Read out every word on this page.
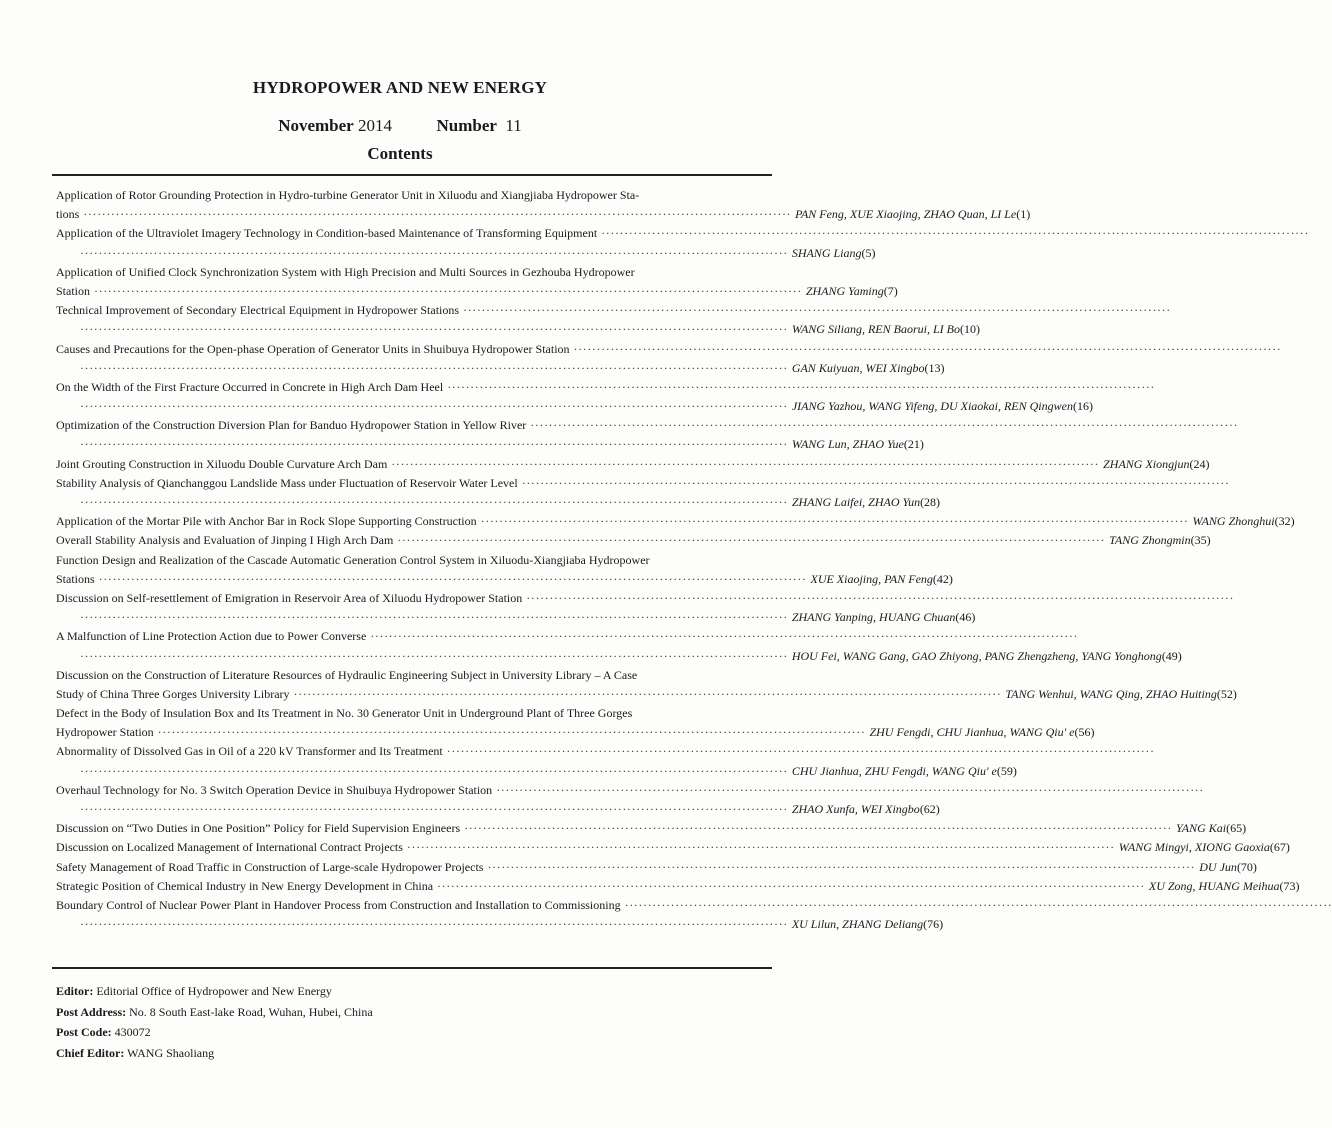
HYDROPOWER AND NEW ENERGY
November 2014	Number 11
Contents
Application of Rotor Grounding Protection in Hydro-turbine Generator Unit in Xiluodu and Xiangjiaba Hydropower Sta-
tions ·························································································································································· PAN Feng, XUE Xiaojing, ZHAO Quan, LI Le (1)
Application of the Ultraviolet Imagery Technology in Condition-based Maintenance of Transforming Equipment ··························································································································································
·························································································································································· SHANG Liang (5)
Application of Unified Clock Synchronization System with High Precision and Multi Sources in Gezhouba Hydropower
Station ·························································································································································· ZHANG Yaming (7)
Technical Improvement of Secondary Electrical Equipment in Hydropower Stations ··························································································································································
·························································································································································· WANG Siliang, REN Baorui, LI Bo (10)
Causes and Precautions for the Open-phase Operation of Generator Units in Shuibuya Hydropower Station ··························································································································································
·························································································································································· GAN Kuiyuan, WEI Xingbo (13)
On the Width of the First Fracture Occurred in Concrete in High Arch Dam Heel ··························································································································································
·························································································································································· JIANG Yazhou, WANG Yifeng, DU Xiaokai, REN Qingwen (16)
Optimization of the Construction Diversion Plan for Banduo Hydropower Station in Yellow River ··························································································································································
·························································································································································· WANG Lun, ZHAO Yue (21)
Joint Grouting Construction in Xiluodu Double Curvature Arch Dam ·························································································································································· ZHANG Xiongjun (24)
Stability Analysis of Qianchanggou Landslide Mass under Fluctuation of Reservoir Water Level ··························································································································································
·························································································································································· ZHANG Laifei, ZHAO Yun (28)
Application of the Mortar Pile with Anchor Bar in Rock Slope Supporting Construction ·························································································································································· WANG Zhonghui (32)
Overall Stability Analysis and Evaluation of Jinping I High Arch Dam ·························································································································································· TANG Zhongmin (35)
Function Design and Realization of the Cascade Automatic Generation Control System in Xiluodu-Xiangjiaba Hydropower
Stations ·························································································································································· XUE Xiaojing, PAN Feng (42)
Discussion on Self-resettlement of Emigration in Reservoir Area of Xiluodu Hydropower Station ··························································································································································
·························································································································································· ZHANG Yanping, HUANG Chuan (46)
A Malfunction of Line Protection Action due to Power Converse ··························································································································································
·························································································································································· HOU Fei, WANG Gang, GAO Zhiyong, PANG Zhengzheng, YANG Yonghong (49)
Discussion on the Construction of Literature Resources of Hydraulic Engineering Subject in University Library – A Case
Study of China Three Gorges University Library ·························································································································································· TANG Wenhui, WANG Qing, ZHAO Huiting (52)
Defect in the Body of Insulation Box and Its Treatment in No. 30 Generator Unit in Underground Plant of Three Gorges
Hydropower Station ·························································································································································· ZHU Fengdi, CHU Jianhua, WANG Qiu' e (56)
Abnormality of Dissolved Gas in Oil of a 220 kV Transformer and Its Treatment ··························································································································································
·························································································································································· CHU Jianhua, ZHU Fengdi, WANG Qiu' e (59)
Overhaul Technology for No. 3 Switch Operation Device in Shuibuya Hydropower Station ··························································································································································
·························································································································································· ZHAO Xunfa, WEI Xingbo (62)
Discussion on “Two Duties in One Position” Policy for Field Supervision Engineers ·························································································································································· YANG Kai (65)
Discussion on Localized Management of International Contract Projects ·························································································································································· WANG Mingyi, XIONG Gaoxia (67)
Safety Management of Road Traffic in Construction of Large-scale Hydropower Projects ·························································································································································· DU Jun (70)
Strategic Position of Chemical Industry in New Energy Development in China ·························································································································································· XU Zong, HUANG Meihua (73)
Boundary Control of Nuclear Power Plant in Handover Process from Construction and Installation to Commissioning ··························································································································································
·························································································································································· XU Lilun, ZHANG Deliang (76)
Editor: Editorial Office of Hydropower and New Energy
Post Address: No. 8 South East-lake Road, Wuhan, Hubei, China
Post Code: 430072
Chief Editor: WANG Shaoliang
